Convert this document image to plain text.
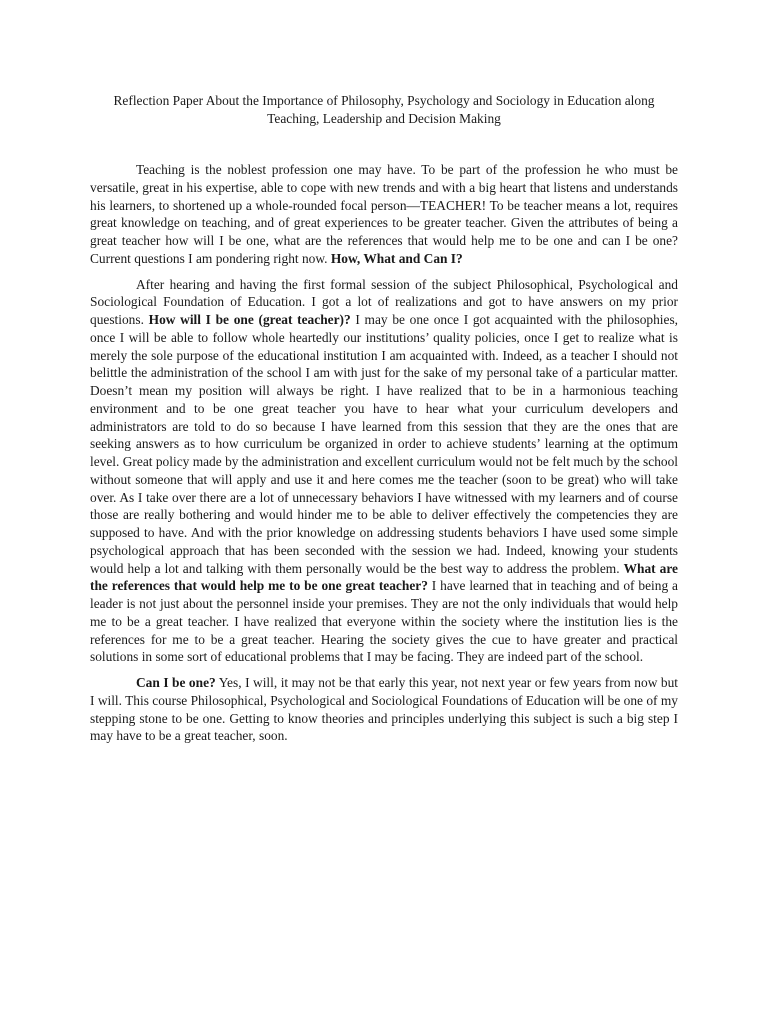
Reflection Paper About the Importance of Philosophy, Psychology and Sociology in Education along
Teaching, Leadership and Decision Making

Teaching is the noblest profession one may have. To be part of the profession he who must be versatile, great in his expertise, able to cope with new trends and with a big heart that listens and understands his learners, to shortened up a whole-rounded focal person—TEACHER! To be teacher means a lot, requires great knowledge on teaching, and of great experiences to be greater teacher. Given the attributes of being a great teacher how will I be one, what are the references that would help me to be one and can I be one? Current questions I am pondering right now. How, What and Can I?

After hearing and having the first formal session of the subject Philosophical, Psychological and Sociological Foundation of Education. I got a lot of realizations and got to have answers on my prior questions. How will I be one (great teacher)? I may be one once I got acquainted with the philosophies, once I will be able to follow whole heartedly our institutions’ quality policies, once I get to realize what is merely the sole purpose of the educational institution I am acquainted with. Indeed, as a teacher I should not belittle the administration of the school I am with just for the sake of my personal take of a particular matter. Doesn’t mean my position will always be right. I have realized that to be in a harmonious teaching environment and to be one great teacher you have to hear what your curriculum developers and administrators are told to do so because I have learned from this session that they are the ones that are seeking answers as to how curriculum be organized in order to achieve students’ learning at the optimum level. Great policy made by the administration and excellent curriculum would not be felt much by the school without someone that will apply and use it and here comes me the teacher (soon to be great) who will take over. As I take over there are a lot of unnecessary behaviors I have witnessed with my learners and of course those are really bothering and would hinder me to be able to deliver effectively the competencies they are supposed to have. And with the prior knowledge on addressing students behaviors I have used some simple psychological approach that has been seconded with the session we had. Indeed, knowing your students would help a lot and talking with them personally would be the best way to address the problem. What are the references that would help me to be one great teacher? I have learned that in teaching and of being a leader is not just about the personnel inside your premises. They are not the only individuals that would help me to be a great teacher. I have realized that everyone within the society where the institution lies is the references for me to be a great teacher. Hearing the society gives the cue to have greater and practical solutions in some sort of educational problems that I may be facing. They are indeed part of the school.

Can I be one? Yes, I will, it may not be that early this year, not next year or few years from now but I will. This course Philosophical, Psychological and Sociological Foundations of Education will be one of my stepping stone to be one. Getting to know theories and principles underlying this subject is such a big step I may have to be a great teacher, soon.
